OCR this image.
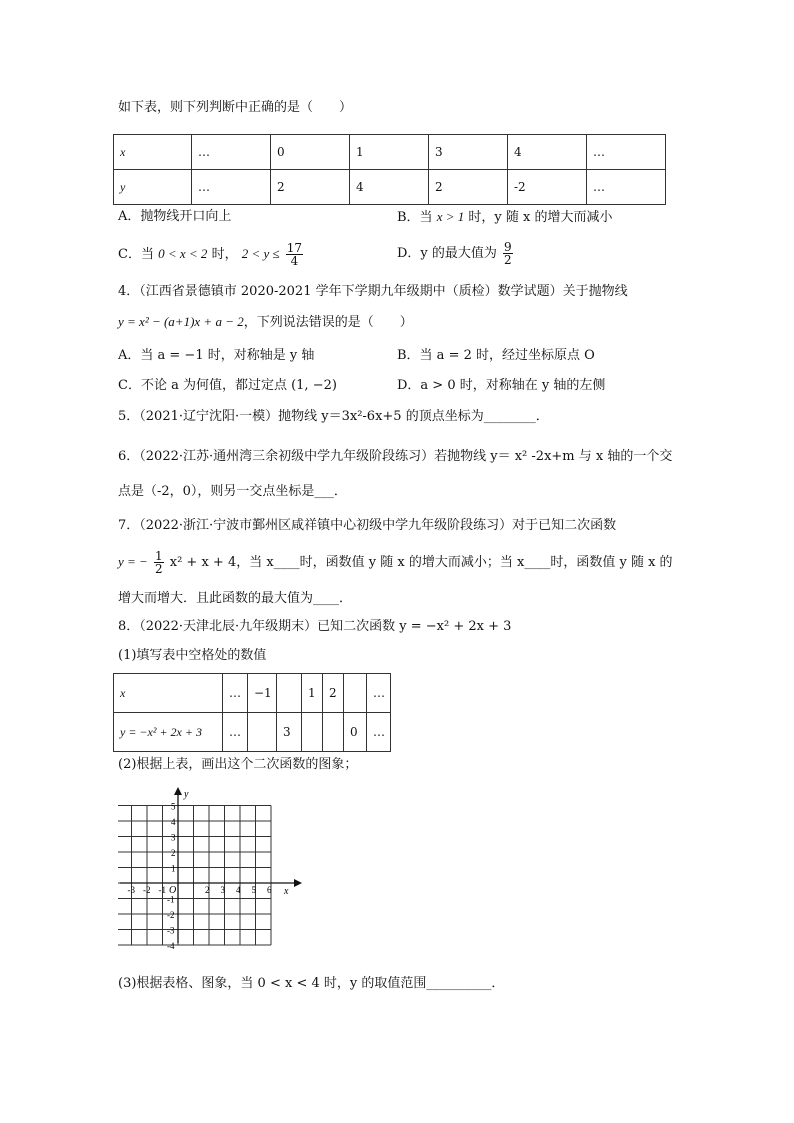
如下表，则下列判断中正确的是（　　）
x	…	0	1	3	4	…
y	…	2	4	2	-2	…
A．抛物线开口向上	B．当 x > 1 时，y 随 x 的增大而减小
C．当 0 < x < 2 时， $2 < y \le \frac{17}{4}$	D．y 的最大值为 $\frac{9}{2}$
4．（江西省景德镇市 2020-2021 学年下学期九年级期中（质检）数学试题）关于抛物线
y = x² − (a+1)x + a − 2，下列说法错误的是（　　）
A．当 a = −1 时，对称轴是 y 轴	B．当 a = 2 时，经过坐标原点 O
C．不论 a 为何值，都过定点 (1, −2)	D．a > 0 时，对称轴在 y 轴的左侧
5．（2021·辽宁沈阳·一模）抛物线 y＝3x²-6x+5 的顶点坐标为________．
6．（2022·江苏·通州湾三余初级中学九年级阶段练习）若抛物线 y＝ x² -2x+m 与 x 轴的一个交
点是（-2，0），则另一交点坐标是___．
7．（2022·浙江·宁波市鄞州区咸祥镇中心初级中学九年级阶段练习）对于已知二次函数
y = − $\frac{1}{2} x^2 + x + 4$，当 x____时，函数值 y 随 x 的增大而减小；当 x____时，函数值 y 随 x 的
增大而增大．且此函数的最大值为____．
8．（2022·天津北辰·九年级期末）已知二次函数 y = −x² + 2x + 3
(1)填写表中空格处的数值
x	…	−1		1	2		…
y = −x² + 2x + 3	…		3			0	…
(2)根据上表，画出这个二次函数的图象；
x
y
O
-3 -2 -1	2 3 4 5 6
5
4
3
2
1
-1
-2
-3
-4
(3)根据表格、图象，当 0 < x < 4 时，y 的取值范围__________．
